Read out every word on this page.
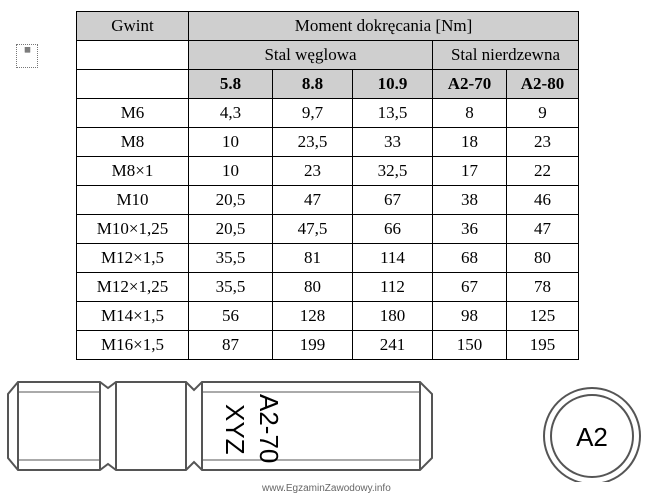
▦
Gwint	Moment dokręcania [Nm]				
	Stal węglowa			Stal nierdzewna	
	5.8	8.8	10.9	A2-70	A2-80
M6	4,3	9,7	13,5	8	9
M8	10	23,5	33	18	23
M8×1	10	23	32,5	17	22
M10	20,5	47	67	38	46
M10×1,25	20,5	47,5	66	36	47
M12×1,5	35,5	81	114	68	80
M12×1,25	35,5	80	112	67	78
M14×1,5	56	128	180	98	125
M16×1,5	87	199	241	150	195
A2-70
XYZ	A2
www.EgzaminZawodowy.info
